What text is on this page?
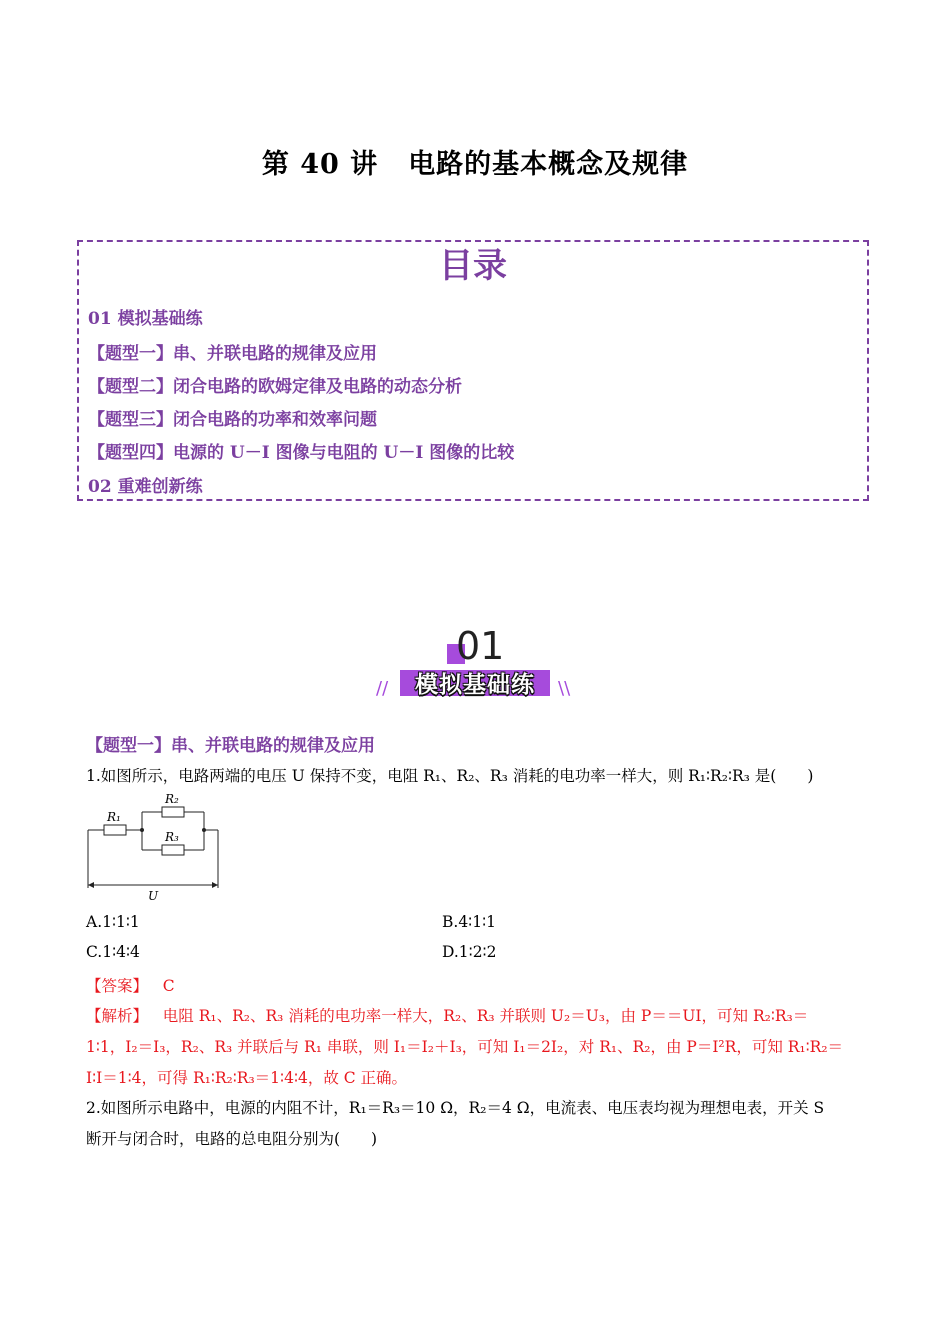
第 40 讲 电路的基本概念及规律
目录
01 模拟基础练
【题型一】串、并联电路的规律及应用
【题型二】闭合电路的欧姆定律及电路的动态分析
【题型三】闭合电路的功率和效率问题
【题型四】电源的 U－I 图像与电阻的 U－I 图像的比较
02 重难创新练
01
模拟基础练
//	\\
【题型一】串、并联电路的规律及应用
1.如图所示，电路两端的电压 U 保持不变，电阻 R₁、R₂、R₃ 消耗的电功率一样大，则 R₁∶R₂∶R₃ 是(　　)
R₁
R₂
R₃
U
A.1∶1∶1	B.4∶1∶1
C.1∶4∶4	D.1∶2∶2
【答案】 C
【解析】 电阻 R₁、R₂、R₃ 消耗的电功率一样大，R₂、R₃ 并联则 U₂＝U₃，由 P＝＝UI，可知 R₂∶R₃＝
1∶1，I₂＝I₃，R₂、R₃ 并联后与 R₁ 串联，则 I₁＝I₂＋I₃，可知 I₁＝2I₂，对 R₁、R₂，由 P＝I²R，可知 R₁∶R₂＝
I∶I＝1∶4，可得 R₁∶R₂∶R₃＝1∶4∶4，故 C 正确。
2.如图所示电路中，电源的内阻不计，R₁＝R₃＝10 Ω，R₂＝4 Ω，电流表、电压表均视为理想电表，开关 S
断开与闭合时，电路的总电阻分别为(　　)
